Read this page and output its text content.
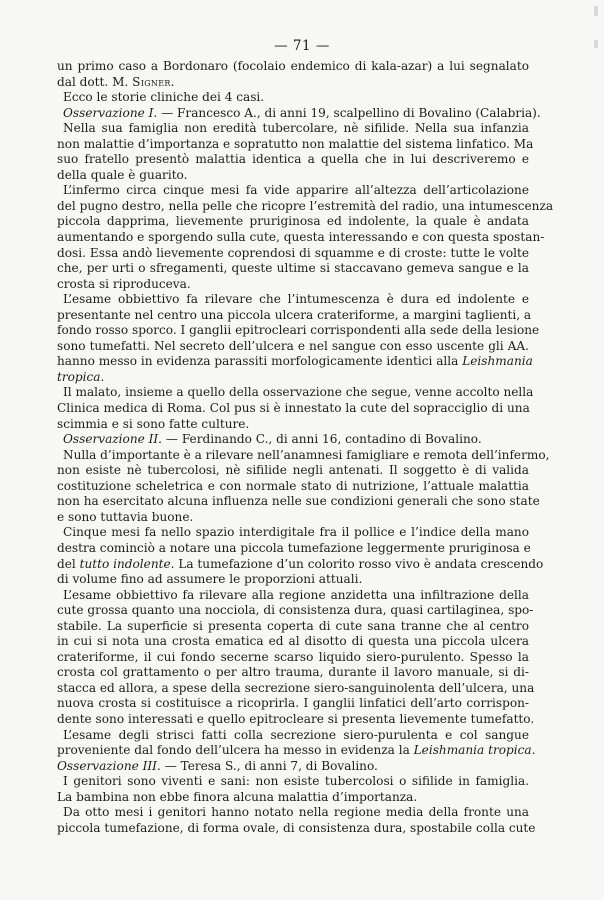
— 71 —
un primo caso a Bordonaro (focolaio endemico di kala-azar) a lui segnalato
dal dott. M. Signer.
Ecco le storie cliniche dei 4 casi.
Osservazione I. — Francesco A., di anni 19, scalpellino di Bovalino (Calabria).
Nella sua famiglia non eredità tubercolare, nè sifilide. Nella sua infanzia
non malattie d’importanza e sopratutto non malattie del sistema linfatico. Ma
suo fratello presentò malattia identica a quella che in lui descriveremo e
della quale è guarito.
L’infermo circa cinque mesi fa vide apparire all’altezza dell’articolazione
del pugno destro, nella pelle che ricopre l’estremità del radio, una intumescenza
piccola dapprima, lievemente pruriginosa ed indolente, la quale è andata
aumentando e sporgendo sulla cute, questa interessando e con questa spostan-
dosi. Essa andò lievemente coprendosi di squamme e di croste: tutte le volte
che, per urti o sfregamenti, queste ultime si staccavano gemeva sangue e la
crosta si riproduceva.
L’esame obbiettivo fa rilevare che l’intumescenza è dura ed indolente e
presentante nel centro una piccola ulcera crateriforme, a margini taglienti, a
fondo rosso sporco. I ganglii epitrocleari corrispondenti alla sede della lesione
sono tumefatti. Nel secreto dell’ulcera e nel sangue con esso uscente gli AA.
hanno messo in evidenza parassiti morfologicamente identici alla Leishmania
tropica.
Il malato, insieme a quello della osservazione che segue, venne accolto nella
Clinica medica di Roma. Col pus si è innestato la cute del sopracciglio di una
scimmia e si sono fatte culture.
Osservazione II. — Ferdinando C., di anni 16, contadino di Bovalino.
Nulla d’importante è a rilevare nell’anamnesi famigliare e remota dell’infermo,
non esiste nè tubercolosi, nè sifilide negli antenati. Il soggetto è di valida
costituzione scheletrica e con normale stato di nutrizione, l’attuale malattia
non ha esercitato alcuna influenza nelle sue condizioni generali che sono state
e sono tuttavia buone.
Cinque mesi fa nello spazio interdigitale fra il pollice e l’indice della mano
destra cominciò a notare una piccola tumefazione leggermente pruriginosa e
del tutto indolente. La tumefazione d’un colorito rosso vivo è andata crescendo
di volume fino ad assumere le proporzioni attuali.
L’esame obbiettivo fa rilevare alla regione anzidetta una infiltrazione della
cute grossa quanto una nocciola, di consistenza dura, quasi cartilaginea, spo-
stabile. La superficie si presenta coperta di cute sana tranne che al centro
in cui si nota una crosta ematica ed al disotto di questa una piccola ulcera
crateriforme, il cui fondo secerne scarso liquido siero-purulento. Spesso la
crosta col grattamento o per altro trauma, durante il lavoro manuale, si di-
stacca ed allora, a spese della secrezione siero-sanguinolenta dell’ulcera, una
nuova crosta si costituisce a ricoprirla. I ganglii linfatici dell’arto corrispon-
dente sono interessati e quello epitrocleare si presenta lievemente tumefatto.
L’esame degli strisci fatti colla secrezione siero-purulenta e col sangue
proveniente dal fondo dell’ulcera ha messo in evidenza la Leishmania tropica.
Osservazione III. — Teresa S., di anni 7, di Bovalino.
I genitori sono viventi e sani: non esiste tubercolosi o sifilide in famiglia.
La bambina non ebbe finora alcuna malattia d’importanza.
Da otto mesi i genitori hanno notato nella regione media della fronte una
piccola tumefazione, di forma ovale, di consistenza dura, spostabile colla cute
